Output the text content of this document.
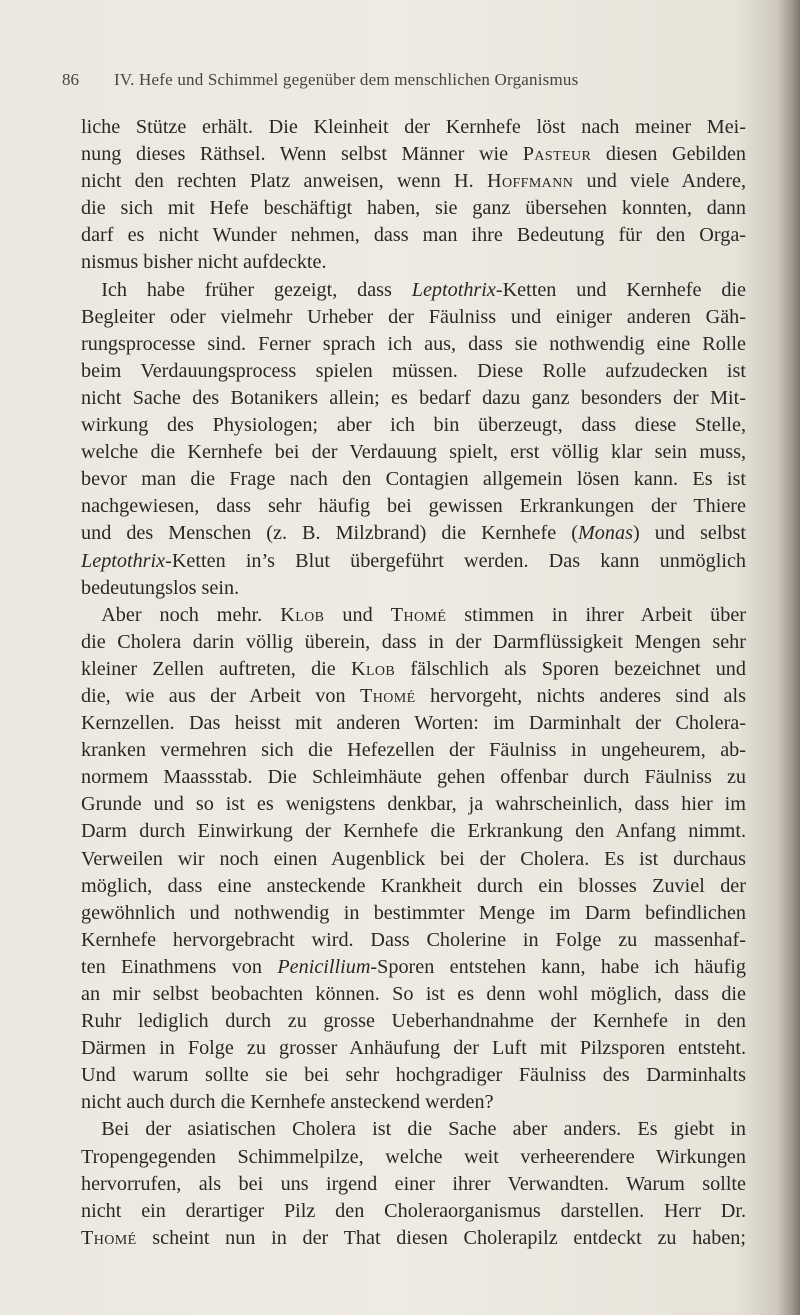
86 IV. Hefe und Schimmel gegenüber dem menschlichen Organismus
liche Stütze erhält. Die Kleinheit der Kernhefe löst nach meiner Mei-
nung dieses Räthsel. Wenn selbst Männer wie Pasteur diesen Gebilden
nicht den rechten Platz anweisen, wenn H. Hoffmann und viele Andere,
die sich mit Hefe beschäftigt haben, sie ganz übersehen konnten, dann
darf es nicht Wunder nehmen, dass man ihre Bedeutung für den Orga-
nismus bisher nicht aufdeckte.
 Ich habe früher gezeigt, dass Leptothrix-Ketten und Kernhefe die
Begleiter oder vielmehr Urheber der Fäulniss und einiger anderen Gäh-
rungsprocesse sind. Ferner sprach ich aus, dass sie nothwendig eine Rolle
beim Verdauungsprocess spielen müssen. Diese Rolle aufzudecken ist
nicht Sache des Botanikers allein; es bedarf dazu ganz besonders der Mit-
wirkung des Physiologen; aber ich bin überzeugt, dass diese Stelle,
welche die Kernhefe bei der Verdauung spielt, erst völlig klar sein muss,
bevor man die Frage nach den Contagien allgemein lösen kann. Es ist
nachgewiesen, dass sehr häufig bei gewissen Erkrankungen der Thiere
und des Menschen (z. B. Milzbrand) die Kernhefe (Monas) und selbst
Leptothrix-Ketten in’s Blut übergeführt werden. Das kann unmöglich
bedeutungslos sein.
 Aber noch mehr. Klob und Thomé stimmen in ihrer Arbeit über
die Cholera darin völlig überein, dass in der Darmflüssigkeit Mengen sehr
kleiner Zellen auftreten, die Klob fälschlich als Sporen bezeichnet und
die, wie aus der Arbeit von Thomé hervorgeht, nichts anderes sind als
Kernzellen. Das heisst mit anderen Worten: im Darminhalt der Cholera-
kranken vermehren sich die Hefezellen der Fäulniss in ungeheurem, ab-
normem Maassstab. Die Schleimhäute gehen offenbar durch Fäulniss zu
Grunde und so ist es wenigstens denkbar, ja wahrscheinlich, dass hier im
Darm durch Einwirkung der Kernhefe die Erkrankung den Anfang nimmt.
Verweilen wir noch einen Augenblick bei der Cholera. Es ist durchaus
möglich, dass eine ansteckende Krankheit durch ein blosses Zuviel der
gewöhnlich und nothwendig in bestimmter Menge im Darm befindlichen
Kernhefe hervorgebracht wird. Dass Cholerine in Folge zu massenhaf-
ten Einathmens von Penicillium-Sporen entstehen kann, habe ich häufig
an mir selbst beobachten können. So ist es denn wohl möglich, dass die
Ruhr lediglich durch zu grosse Ueberhandnahme der Kernhefe in den
Därmen in Folge zu grosser Anhäufung der Luft mit Pilzsporen entsteht.
Und warum sollte sie bei sehr hochgradiger Fäulniss des Darminhalts
nicht auch durch die Kernhefe ansteckend werden?
 Bei der asiatischen Cholera ist die Sache aber anders. Es giebt in
Tropengegenden Schimmelpilze, welche weit verheerendere Wirkungen
hervorrufen, als bei uns irgend einer ihrer Verwandten. Warum sollte
nicht ein derartiger Pilz den Choleraorganismus darstellen. Herr Dr.
Thomé scheint nun in der That diesen Cholerapilz entdeckt zu haben;
